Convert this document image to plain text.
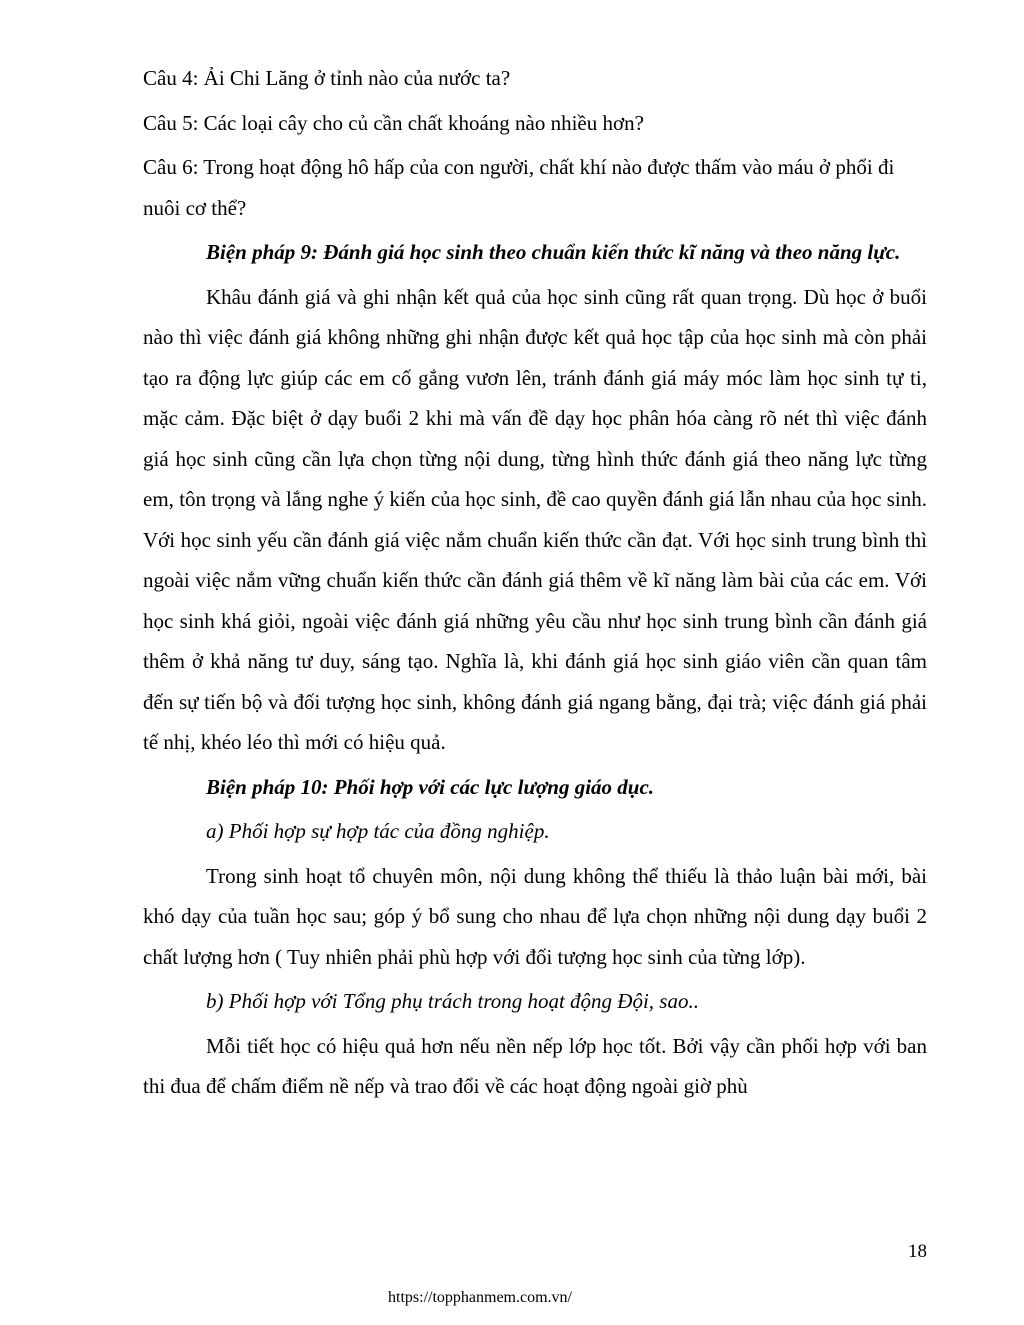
Câu 4: Ải Chi Lăng ở tỉnh nào của nước ta?

Câu 5: Các loại cây cho củ cần chất khoáng nào nhiều hơn?

Câu 6: Trong hoạt động hô hấp của con người, chất khí nào được thấm vào máu ở phổi đi nuôi cơ thể?

Biện pháp 9: Đánh giá học sinh theo chuẩn kiến thức kĩ năng và theo năng lực.

Khâu đánh giá và ghi nhận kết quả của học sinh cũng rất quan trọng. Dù học ở buổi nào thì việc đánh giá không những ghi nhận được kết quả học tập của học sinh mà còn phải tạo ra động lực giúp các em cố gắng vươn lên, tránh đánh giá máy móc làm học sinh tự ti, mặc cảm. Đặc biệt ở dạy buổi 2 khi mà vấn đề dạy học phân hóa càng rõ nét thì việc đánh giá học sinh cũng cần lựa chọn từng nội dung, từng hình thức đánh giá theo năng lực từng em, tôn trọng và lắng nghe ý kiến của học sinh, đề cao quyền đánh giá lẫn nhau của học sinh. Với học sinh yếu cần đánh giá việc nắm chuẩn kiến thức cần đạt. Với học sinh trung bình thì ngoài việc nắm vững chuẩn kiến thức cần đánh giá thêm về kĩ năng làm bài của các em. Với học sinh khá giỏi, ngoài việc đánh giá những yêu cầu như học sinh trung bình cần đánh giá thêm ở khả năng tư duy, sáng tạo. Nghĩa là, khi đánh giá học sinh giáo viên cần quan tâm đến sự tiến bộ và đối tượng học sinh, không đánh giá ngang bằng, đại trà; việc đánh giá phải tế nhị, khéo léo thì mới có hiệu quả.

Biện pháp 10: Phối hợp với các lực lượng giáo dục.

a) Phối hợp sự hợp tác của đồng nghiệp.

Trong sinh hoạt tổ chuyên môn, nội dung không thể thiếu là thảo luận bài mới, bài khó dạy của tuần học sau; góp ý bổ sung cho nhau để lựa chọn những nội dung dạy buổi 2 chất lượng hơn ( Tuy nhiên phải phù hợp với đối tượng học sinh của từng lớp).

b) Phối hợp với Tổng phụ trách trong hoạt động Đội, sao..

Mỗi tiết học có hiệu quả hơn nếu nền nếp lớp học tốt. Bởi vậy cần phối hợp với ban thi đua để chấm điểm nề nếp và trao đổi về các hoạt động ngoài giờ phù

18
https://topphanmem.com.vn/
